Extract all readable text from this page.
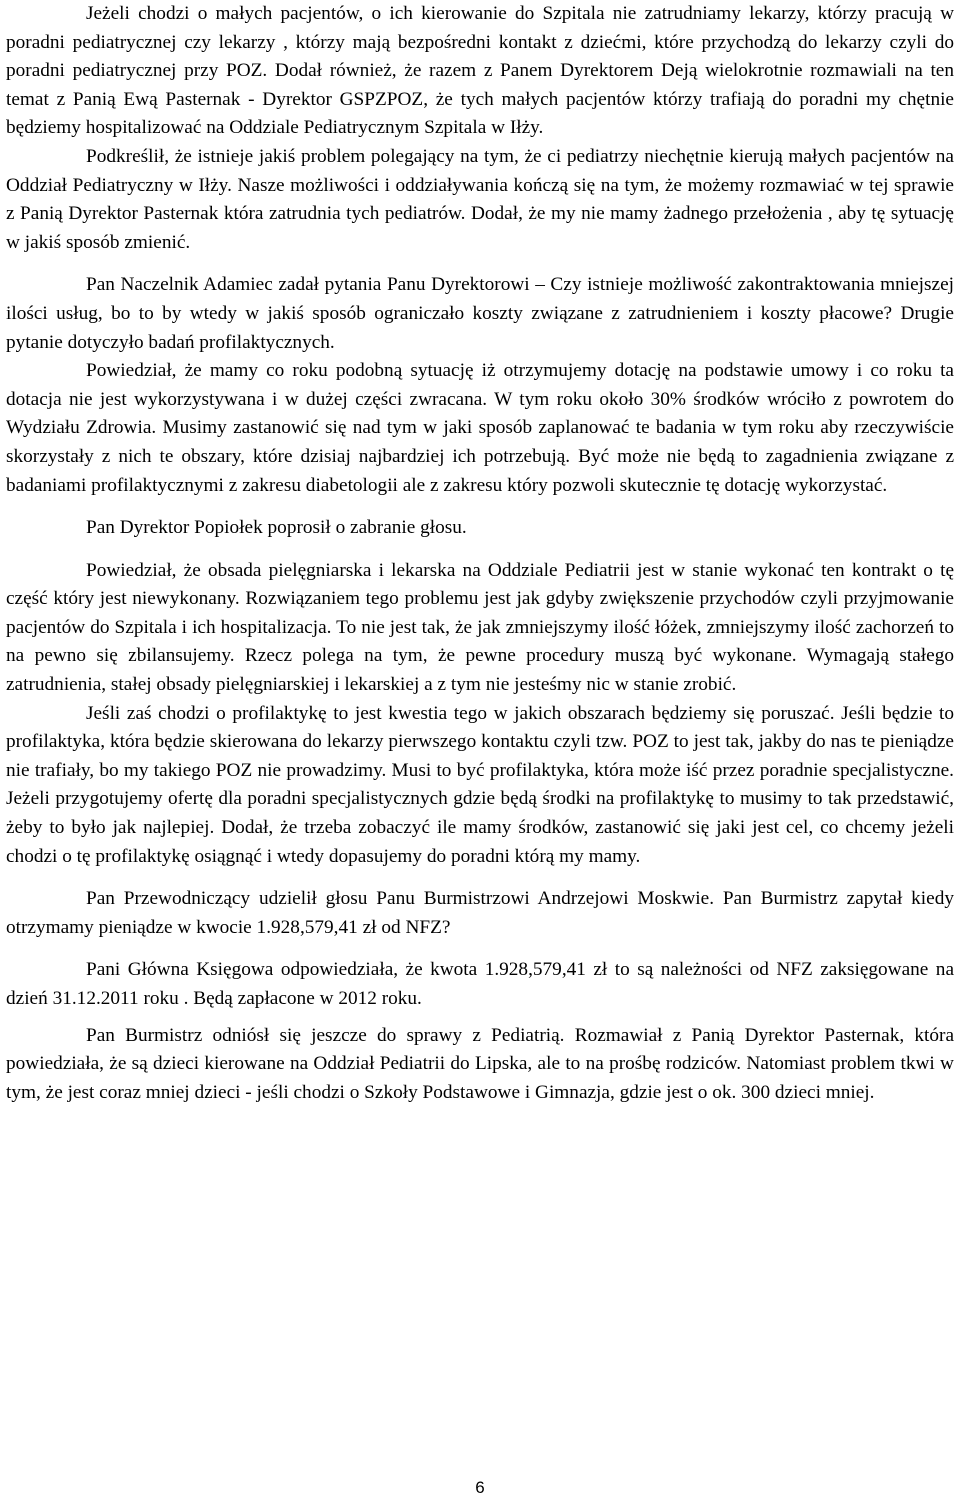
Jeżeli chodzi o małych pacjentów, o ich kierowanie do Szpitala nie zatrudniamy lekarzy, którzy pracują w poradni pediatrycznej czy lekarzy , którzy mają bezpośredni kontakt z dziećmi, które przychodzą do lekarzy czyli do poradni pediatrycznej przy POZ. Dodał również, że razem z Panem Dyrektorem Deją wielokrotnie rozmawiali na ten temat z Panią Ewą Pasternak - Dyrektor GSPZPOZ, że tych małych pacjentów którzy trafiają do poradni my chętnie będziemy hospitalizować na Oddziale Pediatrycznym Szpitala w Iłży.

Podkreślił, że istnieje jakiś problem polegający na tym, że ci pediatrzy niechętnie kierują małych pacjentów na Oddział Pediatryczny w Iłży. Nasze możliwości i oddziaływania kończą się na tym, że możemy rozmawiać w tej sprawie z Panią Dyrektor Pasternak która zatrudnia tych pediatrów. Dodał, że my nie mamy żadnego przełożenia , aby tę sytuację w jakiś sposób zmienić.

Pan Naczelnik Adamiec zadał pytania Panu Dyrektorowi – Czy istnieje możliwość zakontraktowania mniejszej ilości usług, bo to by wtedy w jakiś sposób ograniczało koszty związane z zatrudnieniem i koszty płacowe? Drugie pytanie dotyczyło badań profilaktycznych.

Powiedział, że mamy co roku podobną sytuację iż otrzymujemy dotację na podstawie umowy i co roku ta dotacja nie jest wykorzystywana i w dużej części zwracana. W tym roku około 30% środków wróciło z powrotem do Wydziału Zdrowia. Musimy zastanowić się nad tym w jaki sposób zaplanować te badania w tym roku aby rzeczywiście skorzystały z nich te obszary, które dzisiaj najbardziej ich potrzebują. Być może nie będą to zagadnienia związane z badaniami profilaktycznymi z zakresu diabetologii ale z zakresu który pozwoli skutecznie tę dotację wykorzystać.

Pan Dyrektor Popiołek poprosił o zabranie głosu.

Powiedział, że obsada pielęgniarska i lekarska na Oddziale Pediatrii jest w stanie wykonać ten kontrakt o tę część który jest niewykonany. Rozwiązaniem tego problemu jest jak gdyby zwiększenie przychodów czyli przyjmowanie pacjentów do Szpitala i ich hospitalizacja. To nie jest tak, że jak zmniejszymy ilość łóżek, zmniejszymy ilość zachorzeń to na pewno się zbilansujemy. Rzecz polega na tym, że pewne procedury muszą być wykonane. Wymagają stałego zatrudnienia, stałej obsady pielęgniarskiej i lekarskiej a z tym nie jesteśmy nic w stanie zrobić.

Jeśli zaś chodzi o profilaktykę to jest kwestia tego w jakich obszarach będziemy się poruszać. Jeśli będzie to profilaktyka, która będzie skierowana do lekarzy pierwszego kontaktu czyli tzw. POZ to jest tak, jakby do nas te pieniądze nie trafiały, bo my takiego POZ nie prowadzimy. Musi to być profilaktyka, która może iść przez poradnie specjalistyczne. Jeżeli przygotujemy ofertę dla poradni specjalistycznych gdzie będą środki na profilaktykę to musimy to tak przedstawić, żeby to było jak najlepiej. Dodał, że trzeba zobaczyć ile mamy środków, zastanowić się jaki jest cel, co chcemy jeżeli chodzi o tę profilaktykę osiągnąć i wtedy dopasujemy do poradni którą my mamy.

Pan Przewodniczący udzielił głosu Panu Burmistrzowi Andrzejowi Moskwie. Pan Burmistrz zapytał kiedy otrzymamy pieniądze w kwocie 1.928,579,41 zł od NFZ?

Pani Główna Księgowa odpowiedziała, że kwota 1.928,579,41 zł to są należności od NFZ zaksięgowane na dzień 31.12.2011 roku . Będą zapłacone w 2012 roku.

Pan Burmistrz odniósł się jeszcze do sprawy z Pediatrią. Rozmawiał z Panią Dyrektor Pasternak, która powiedziała, że są dzieci kierowane na Oddział Pediatrii do Lipska, ale to na prośbę rodziców. Natomiast problem tkwi w tym, że jest coraz mniej dzieci - jeśli chodzi o Szkoły Podstawowe i Gimnazja, gdzie jest o ok. 300 dzieci mniej.

6
